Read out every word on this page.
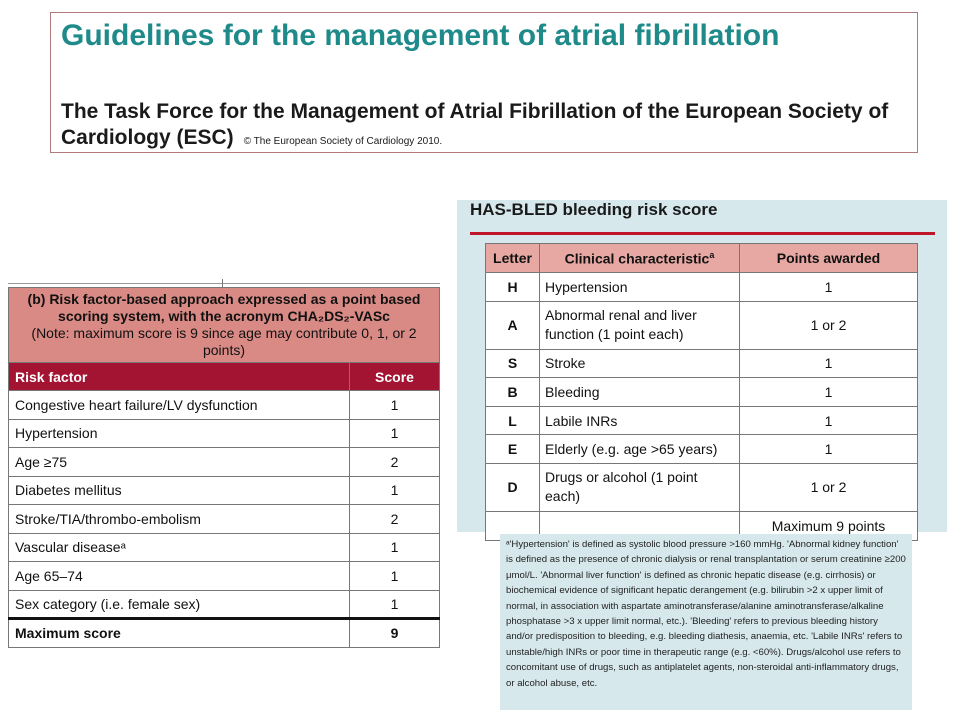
Guidelines for the management of atrial fibrillation
The Task Force for the Management of Atrial Fibrillation of the European Society of Cardiology (ESC) © The European Society of Cardiology 2010.
(b) Risk factor-based approach expressed as a point based scoring system, with the acronym CHA₂DS₂-VASc
(Note: maximum score is 9 since age may contribute 0, 1, or 2 points)	
Risk factor	Score
Congestive heart failure/LV dysfunction	1
Hypertension	1
Age ≥75	2
Diabetes mellitus	1
Stroke/TIA/thrombo-embolism	2
Vascular diseaseᵃ	1
Age 65–74	1
Sex category (i.e. female sex)	1
Maximum score	9
HAS-BLED bleeding risk score
Letter	Clinical characteristic$^a$	Points awarded
H	Hypertension	1
A	Abnormal renal and liver function (1 point each)	1 or 2
S	Stroke	1
B	Bleeding	1
L	Labile INRs	1
E	Elderly (e.g. age >65 years)	1
D	Drugs or alcohol (1 point each)	1 or 2
		Maximum 9 points
ᵃ'Hypertension' is defined as systolic blood pressure >160 mmHg. 'Abnormal kidney function' is defined as the presence of chronic dialysis or renal transplantation or serum creatinine ≥200 μmol/L. 'Abnormal liver function' is defined as chronic hepatic disease (e.g. cirrhosis) or biochemical evidence of significant hepatic derangement (e.g. bilirubin >2 x upper limit of normal, in association with aspartate aminotransferase/alanine aminotransferase/alkaline phosphatase >3 x upper limit normal, etc.). 'Bleeding' refers to previous bleeding history and/or predisposition to bleeding, e.g. bleeding diathesis, anaemia, etc. 'Labile INRs' refers to unstable/high INRs or poor time in therapeutic range (e.g. <60%). Drugs/alcohol use refers to concomitant use of drugs, such as antiplatelet agents, non-steroidal anti-inflammatory drugs, or alcohol abuse, etc.
